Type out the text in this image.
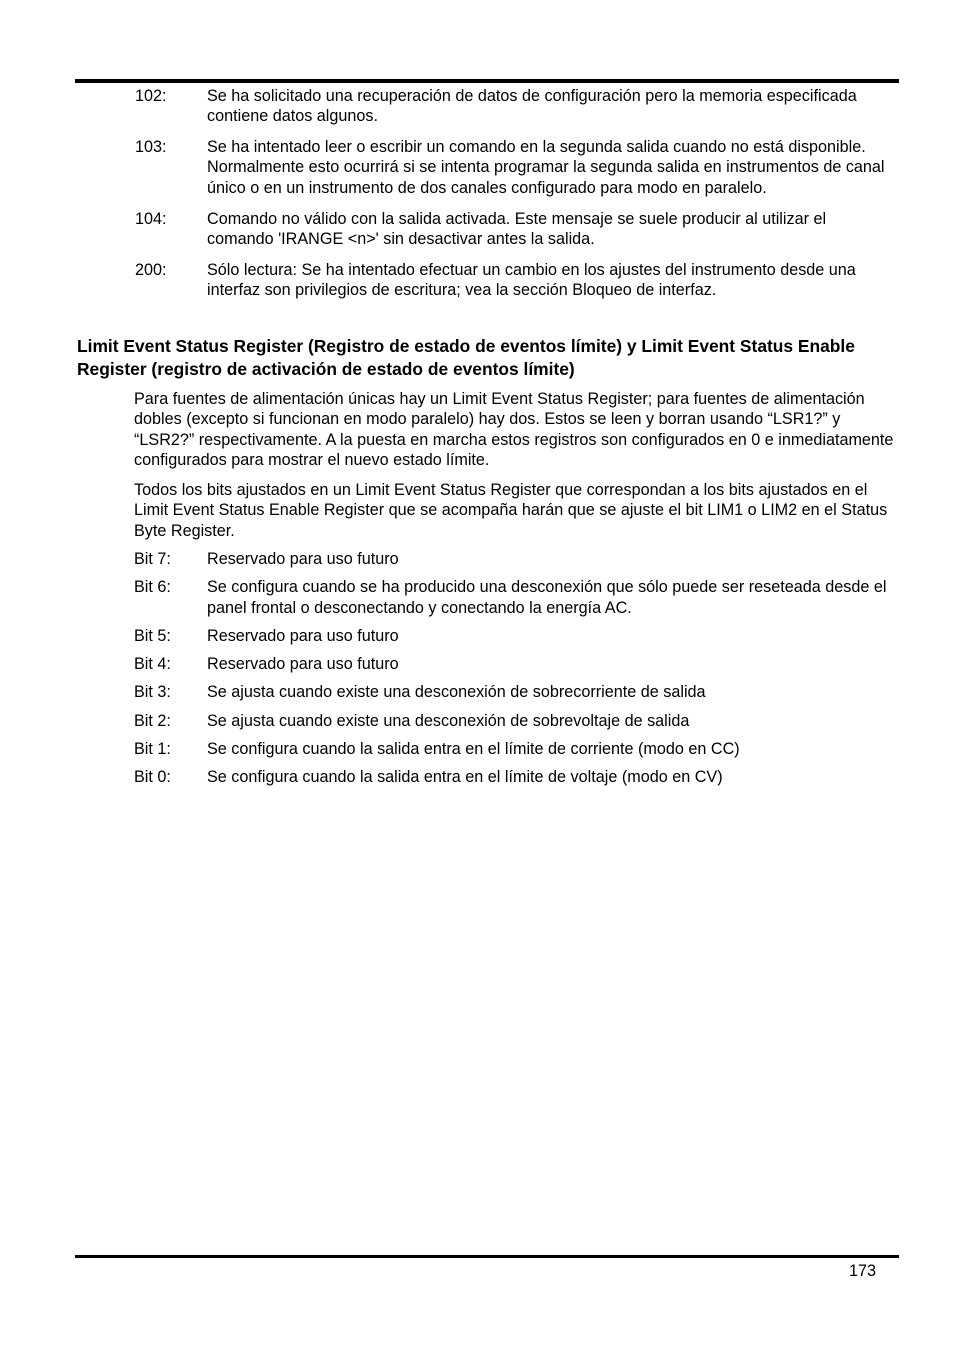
102:	Se ha solicitado una recuperación de datos de configuración pero la memoria especificada contiene datos algunos.
103:	Se ha intentado leer o escribir un comando en la segunda salida cuando no está disponible. Normalmente esto ocurrirá si se intenta programar la segunda salida en instrumentos de canal único o en un instrumento de dos canales configurado para modo en paralelo.
104:	Comando no válido con la salida activada. Este mensaje se suele producir al utilizar el comando 'IRANGE <n>' sin desactivar antes la salida.
200:	Sólo lectura: Se ha intentado efectuar un cambio en los ajustes del instrumento desde una interfaz son privilegios de escritura; vea la sección Bloqueo de interfaz.
Limit Event Status Register (Registro de estado de eventos límite) y Limit Event Status Enable Register (registro de activación de estado de eventos límite)

Para fuentes de alimentación únicas hay un Limit Event Status Register; para fuentes de alimentación dobles (excepto si funcionan en modo paralelo) hay dos. Estos se leen y borran usando “LSR1?” y “LSR2?” respectivamente. A la puesta en marcha estos registros son configurados en 0 e inmediatamente configurados para mostrar el nuevo estado límite.

Todos los bits ajustados en un Limit Event Status Register que correspondan a los bits ajustados en el Limit Event Status Enable Register que se acompaña harán que se ajuste el bit LIM1 o LIM2 en el Status Byte Register.

Bit 7:	Reservado para uso futuro
Bit 6:	Se configura cuando se ha producido una desconexión que sólo puede ser reseteada desde el panel frontal o desconectando y conectando la energía AC.
Bit 5:	Reservado para uso futuro
Bit 4:	Reservado para uso futuro
Bit 3:	Se ajusta cuando existe una desconexión de sobrecorriente de salida
Bit 2:	Se ajusta cuando existe una desconexión de sobrevoltaje de salida
Bit 1:	Se configura cuando la salida entra en el límite de corriente (modo en CC)
Bit 0:	Se configura cuando la salida entra en el límite de voltaje (modo en CV)
173
